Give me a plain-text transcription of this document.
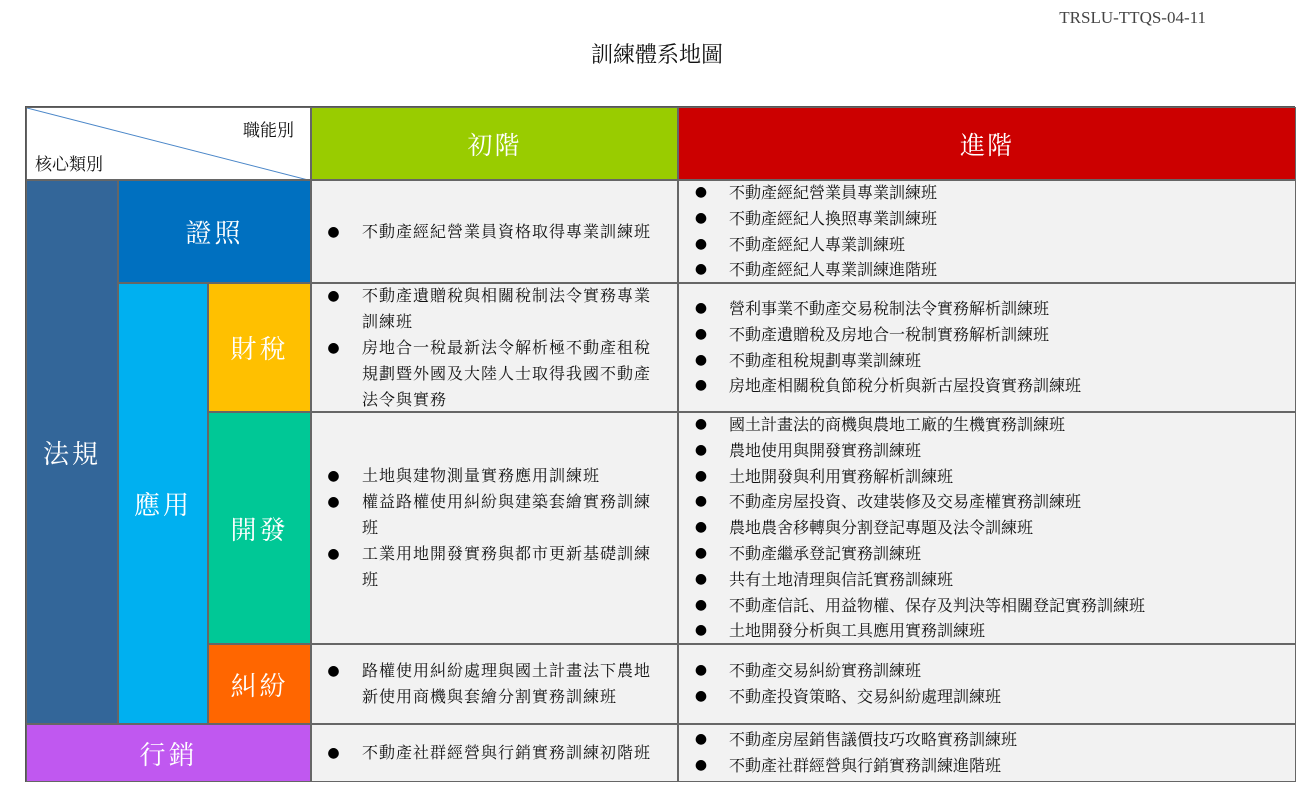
TRSLU-TTQS-04-11
訓練體系地圖
職能別
核心類別
初階	進階
法規
證照
應用
財稅
開發
糾紛
行銷
● 不動產經紀營業員資格取得專業訓練班
● 不動產經紀營業員專業訓練班
● 不動產經紀人換照專業訓練班
● 不動產經紀人專業訓練班
● 不動產經紀人專業訓練進階班
● 不動產遺贈稅與相關稅制法令實務專業訓練班
● 房地合一稅最新法令解析極不動產租稅規劃暨外國及大陸人士取得我國不動產法令與實務
● 營利事業不動產交易稅制法令實務解析訓練班
● 不動產遺贈稅及房地合一稅制實務解析訓練班
● 不動產租稅規劃專業訓練班
● 房地產相關稅負節稅分析與新古屋投資實務訓練班
● 土地與建物測量實務應用訓練班
● 權益路權使用糾紛與建築套繪實務訓練班
● 工業用地開發實務與都市更新基礎訓練班
● 國土計畫法的商機與農地工廠的生機實務訓練班
● 農地使用與開發實務訓練班
● 土地開發與利用實務解析訓練班
● 不動產房屋投資、改建裝修及交易產權實務訓練班
● 農地農舍移轉與分割登記專題及法令訓練班
● 不動產繼承登記實務訓練班
● 共有土地清理與信託實務訓練班
● 不動產信託、用益物權、保存及判決等相關登記實務訓練班
● 土地開發分析與工具應用實務訓練班
● 路權使用糾紛處理與國土計畫法下農地新使用商機與套繪分割實務訓練班
● 不動產交易糾紛實務訓練班
● 不動產投資策略、交易糾紛處理訓練班
● 不動產社群經營與行銷實務訓練初階班
● 不動產房屋銷售議價技巧攻略實務訓練班
● 不動產社群經營與行銷實務訓練進階班
